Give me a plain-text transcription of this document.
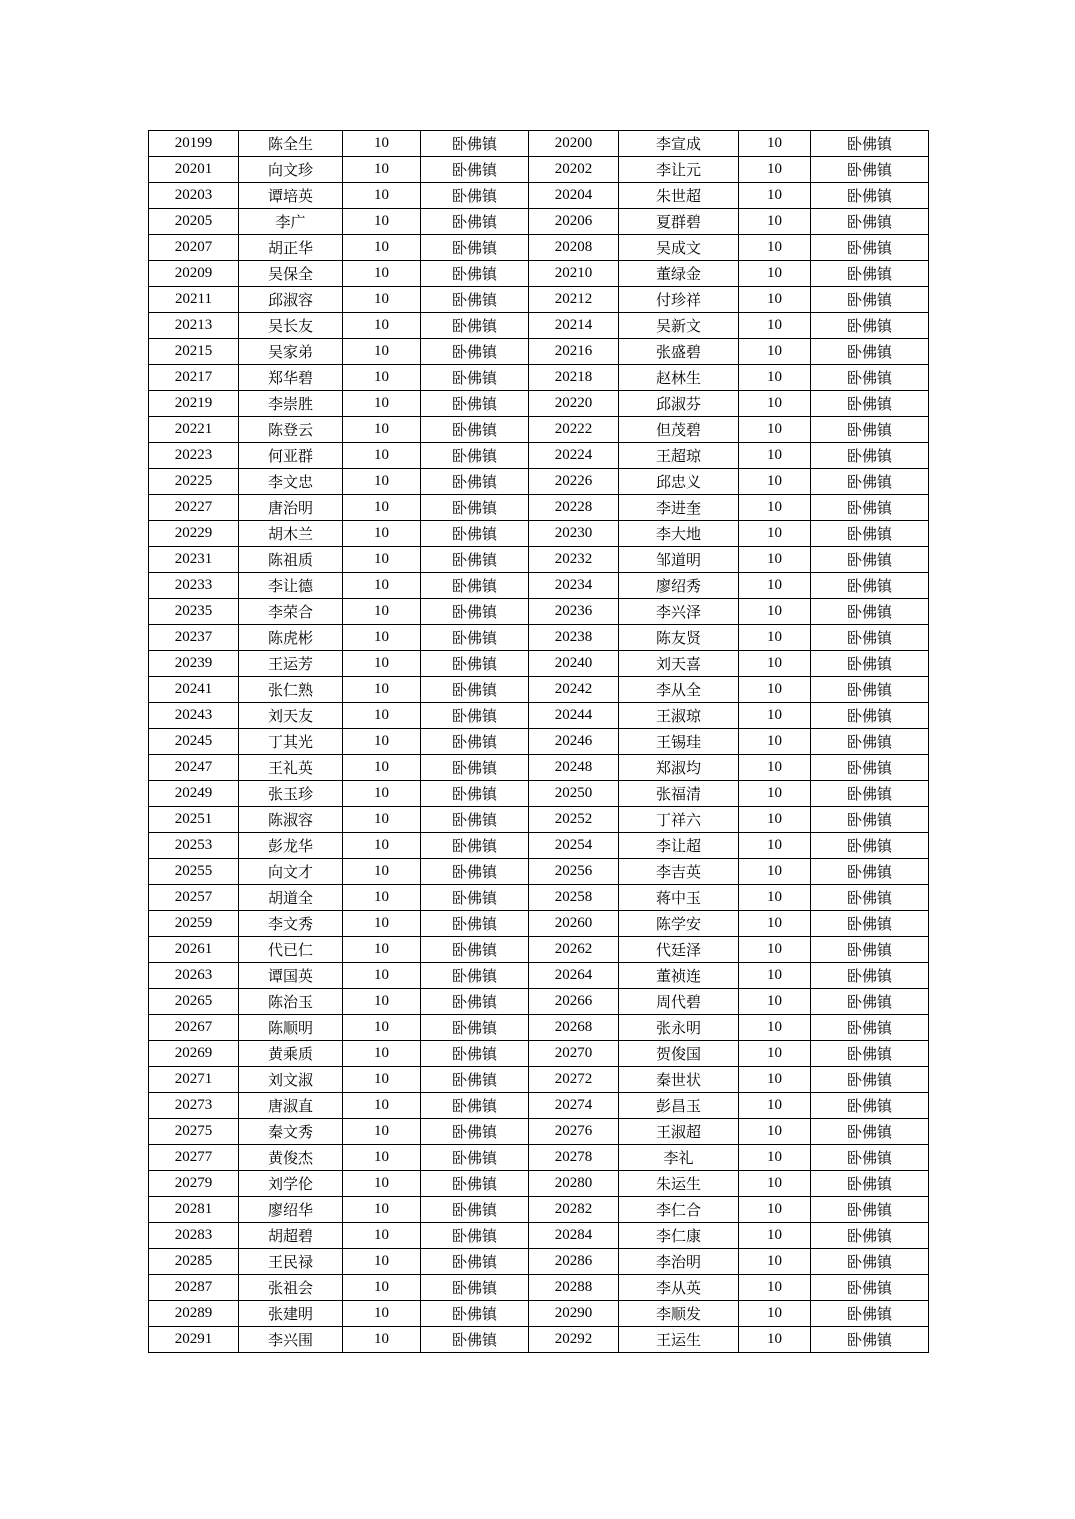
20199	陈全生	10	卧佛镇	20200	李宣成	10	卧佛镇
20201	向文珍	10	卧佛镇	20202	李让元	10	卧佛镇
20203	谭培英	10	卧佛镇	20204	朱世超	10	卧佛镇
20205	李广	10	卧佛镇	20206	夏群碧	10	卧佛镇
20207	胡正华	10	卧佛镇	20208	吴成文	10	卧佛镇
20209	吴保全	10	卧佛镇	20210	董绿金	10	卧佛镇
20211	邱淑容	10	卧佛镇	20212	付珍祥	10	卧佛镇
20213	吴长友	10	卧佛镇	20214	吴新文	10	卧佛镇
20215	吴家弟	10	卧佛镇	20216	张盛碧	10	卧佛镇
20217	郑华碧	10	卧佛镇	20218	赵林生	10	卧佛镇
20219	李崇胜	10	卧佛镇	20220	邱淑芬	10	卧佛镇
20221	陈登云	10	卧佛镇	20222	但茂碧	10	卧佛镇
20223	何亚群	10	卧佛镇	20224	王超琼	10	卧佛镇
20225	李文忠	10	卧佛镇	20226	邱忠义	10	卧佛镇
20227	唐治明	10	卧佛镇	20228	李进奎	10	卧佛镇
20229	胡木兰	10	卧佛镇	20230	李大地	10	卧佛镇
20231	陈祖质	10	卧佛镇	20232	邹道明	10	卧佛镇
20233	李让德	10	卧佛镇	20234	廖绍秀	10	卧佛镇
20235	李荣合	10	卧佛镇	20236	李兴泽	10	卧佛镇
20237	陈虎彬	10	卧佛镇	20238	陈友贤	10	卧佛镇
20239	王运芳	10	卧佛镇	20240	刘天喜	10	卧佛镇
20241	张仁熟	10	卧佛镇	20242	李从全	10	卧佛镇
20243	刘天友	10	卧佛镇	20244	王淑琼	10	卧佛镇
20245	丁其光	10	卧佛镇	20246	王锡珪	10	卧佛镇
20247	王礼英	10	卧佛镇	20248	郑淑均	10	卧佛镇
20249	张玉珍	10	卧佛镇	20250	张福清	10	卧佛镇
20251	陈淑容	10	卧佛镇	20252	丁祥六	10	卧佛镇
20253	彭龙华	10	卧佛镇	20254	李让超	10	卧佛镇
20255	向文才	10	卧佛镇	20256	李吉英	10	卧佛镇
20257	胡道全	10	卧佛镇	20258	蒋中玉	10	卧佛镇
20259	李文秀	10	卧佛镇	20260	陈学安	10	卧佛镇
20261	代已仁	10	卧佛镇	20262	代廷泽	10	卧佛镇
20263	谭国英	10	卧佛镇	20264	董祯连	10	卧佛镇
20265	陈治玉	10	卧佛镇	20266	周代碧	10	卧佛镇
20267	陈顺明	10	卧佛镇	20268	张永明	10	卧佛镇
20269	黄乘质	10	卧佛镇	20270	贺俊国	10	卧佛镇
20271	刘文淑	10	卧佛镇	20272	秦世状	10	卧佛镇
20273	唐淑直	10	卧佛镇	20274	彭昌玉	10	卧佛镇
20275	秦文秀	10	卧佛镇	20276	王淑超	10	卧佛镇
20277	黄俊杰	10	卧佛镇	20278	李礼	10	卧佛镇
20279	刘学伦	10	卧佛镇	20280	朱运生	10	卧佛镇
20281	廖绍华	10	卧佛镇	20282	李仁合	10	卧佛镇
20283	胡超碧	10	卧佛镇	20284	李仁康	10	卧佛镇
20285	王民禄	10	卧佛镇	20286	李治明	10	卧佛镇
20287	张祖会	10	卧佛镇	20288	李从英	10	卧佛镇
20289	张建明	10	卧佛镇	20290	李顺发	10	卧佛镇
20291	李兴围	10	卧佛镇	20292	王运生	10	卧佛镇
